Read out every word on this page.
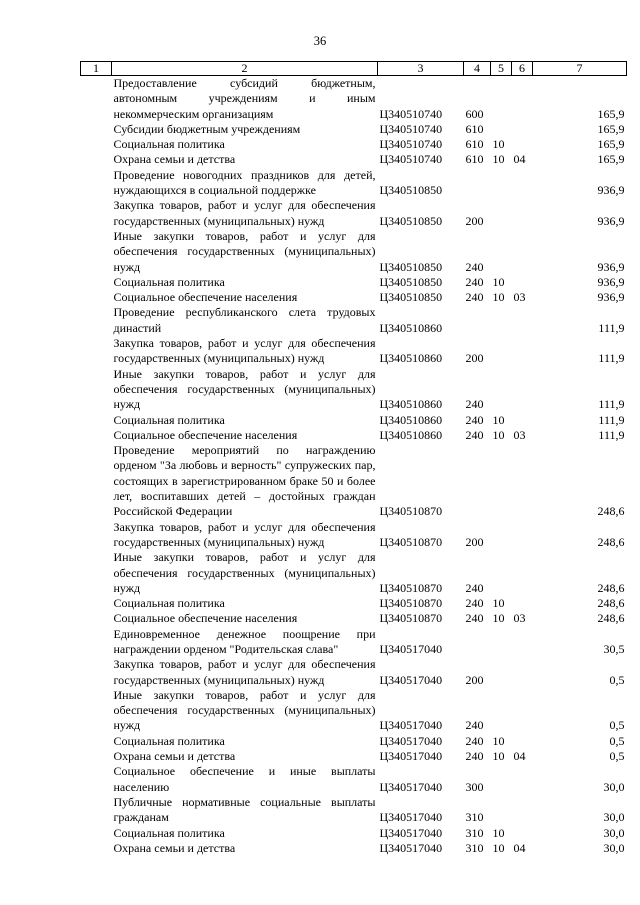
36
1	2	3	4	5	6	7
	Предоставление субсидий бюджетным, автономным учреждениям и иным некоммерческим организациям	Ц340510740	600			165,9
	Субсидии бюджетным учреждениям	Ц340510740	610			165,9
	Социальная политика	Ц340510740	610	10		165,9
	Охрана семьи и детства	Ц340510740	610	10	04	165,9
	Проведение новогодних праздников для детей, нуждающихся в социальной поддержке	Ц340510850				936,9
	Закупка товаров, работ и услуг для обеспечения государственных (муниципальных) нужд	Ц340510850	200			936,9
	Иные закупки товаров, работ и услуг для обеспечения государственных (муниципальных) нужд	Ц340510850	240			936,9
	Социальная политика	Ц340510850	240	10		936,9
	Социальное обеспечение населения	Ц340510850	240	10	03	936,9
	Проведение республиканского слета трудовых династий	Ц340510860				111,9
	Закупка товаров, работ и услуг для обеспечения государственных (муниципальных) нужд	Ц340510860	200			111,9
	Иные закупки товаров, работ и услуг для обеспечения государственных (муниципальных) нужд	Ц340510860	240			111,9
	Социальная политика	Ц340510860	240	10		111,9
	Социальное обеспечение населения	Ц340510860	240	10	03	111,9
	Проведение мероприятий по награждению орденом "За любовь и верность" супружеских пар, состоящих в зарегистрированном браке 50 и более лет, воспитавших детей – достойных граждан Российской Федерации	Ц340510870				248,6
	Закупка товаров, работ и услуг для обеспечения государственных (муниципальных) нужд	Ц340510870	200			248,6
	Иные закупки товаров, работ и услуг для обеспечения государственных (муниципальных) нужд	Ц340510870	240			248,6
	Социальная политика	Ц340510870	240	10		248,6
	Социальное обеспечение населения	Ц340510870	240	10	03	248,6
	Единовременное денежное поощрение при награждении орденом "Родительская слава"	Ц340517040				30,5
	Закупка товаров, работ и услуг для обеспечения государственных (муниципальных) нужд	Ц340517040	200			0,5
	Иные закупки товаров, работ и услуг для обеспечения государственных (муниципальных) нужд	Ц340517040	240			0,5
	Социальная политика	Ц340517040	240	10		0,5
	Охрана семьи и детства	Ц340517040	240	10	04	0,5
	Социальное обеспечение и иные выплаты населению	Ц340517040	300			30,0
	Публичные нормативные социальные выплаты гражданам	Ц340517040	310			30,0
	Социальная политика	Ц340517040	310	10		30,0
	Охрана семьи и детства	Ц340517040	310	10	04	30,0
